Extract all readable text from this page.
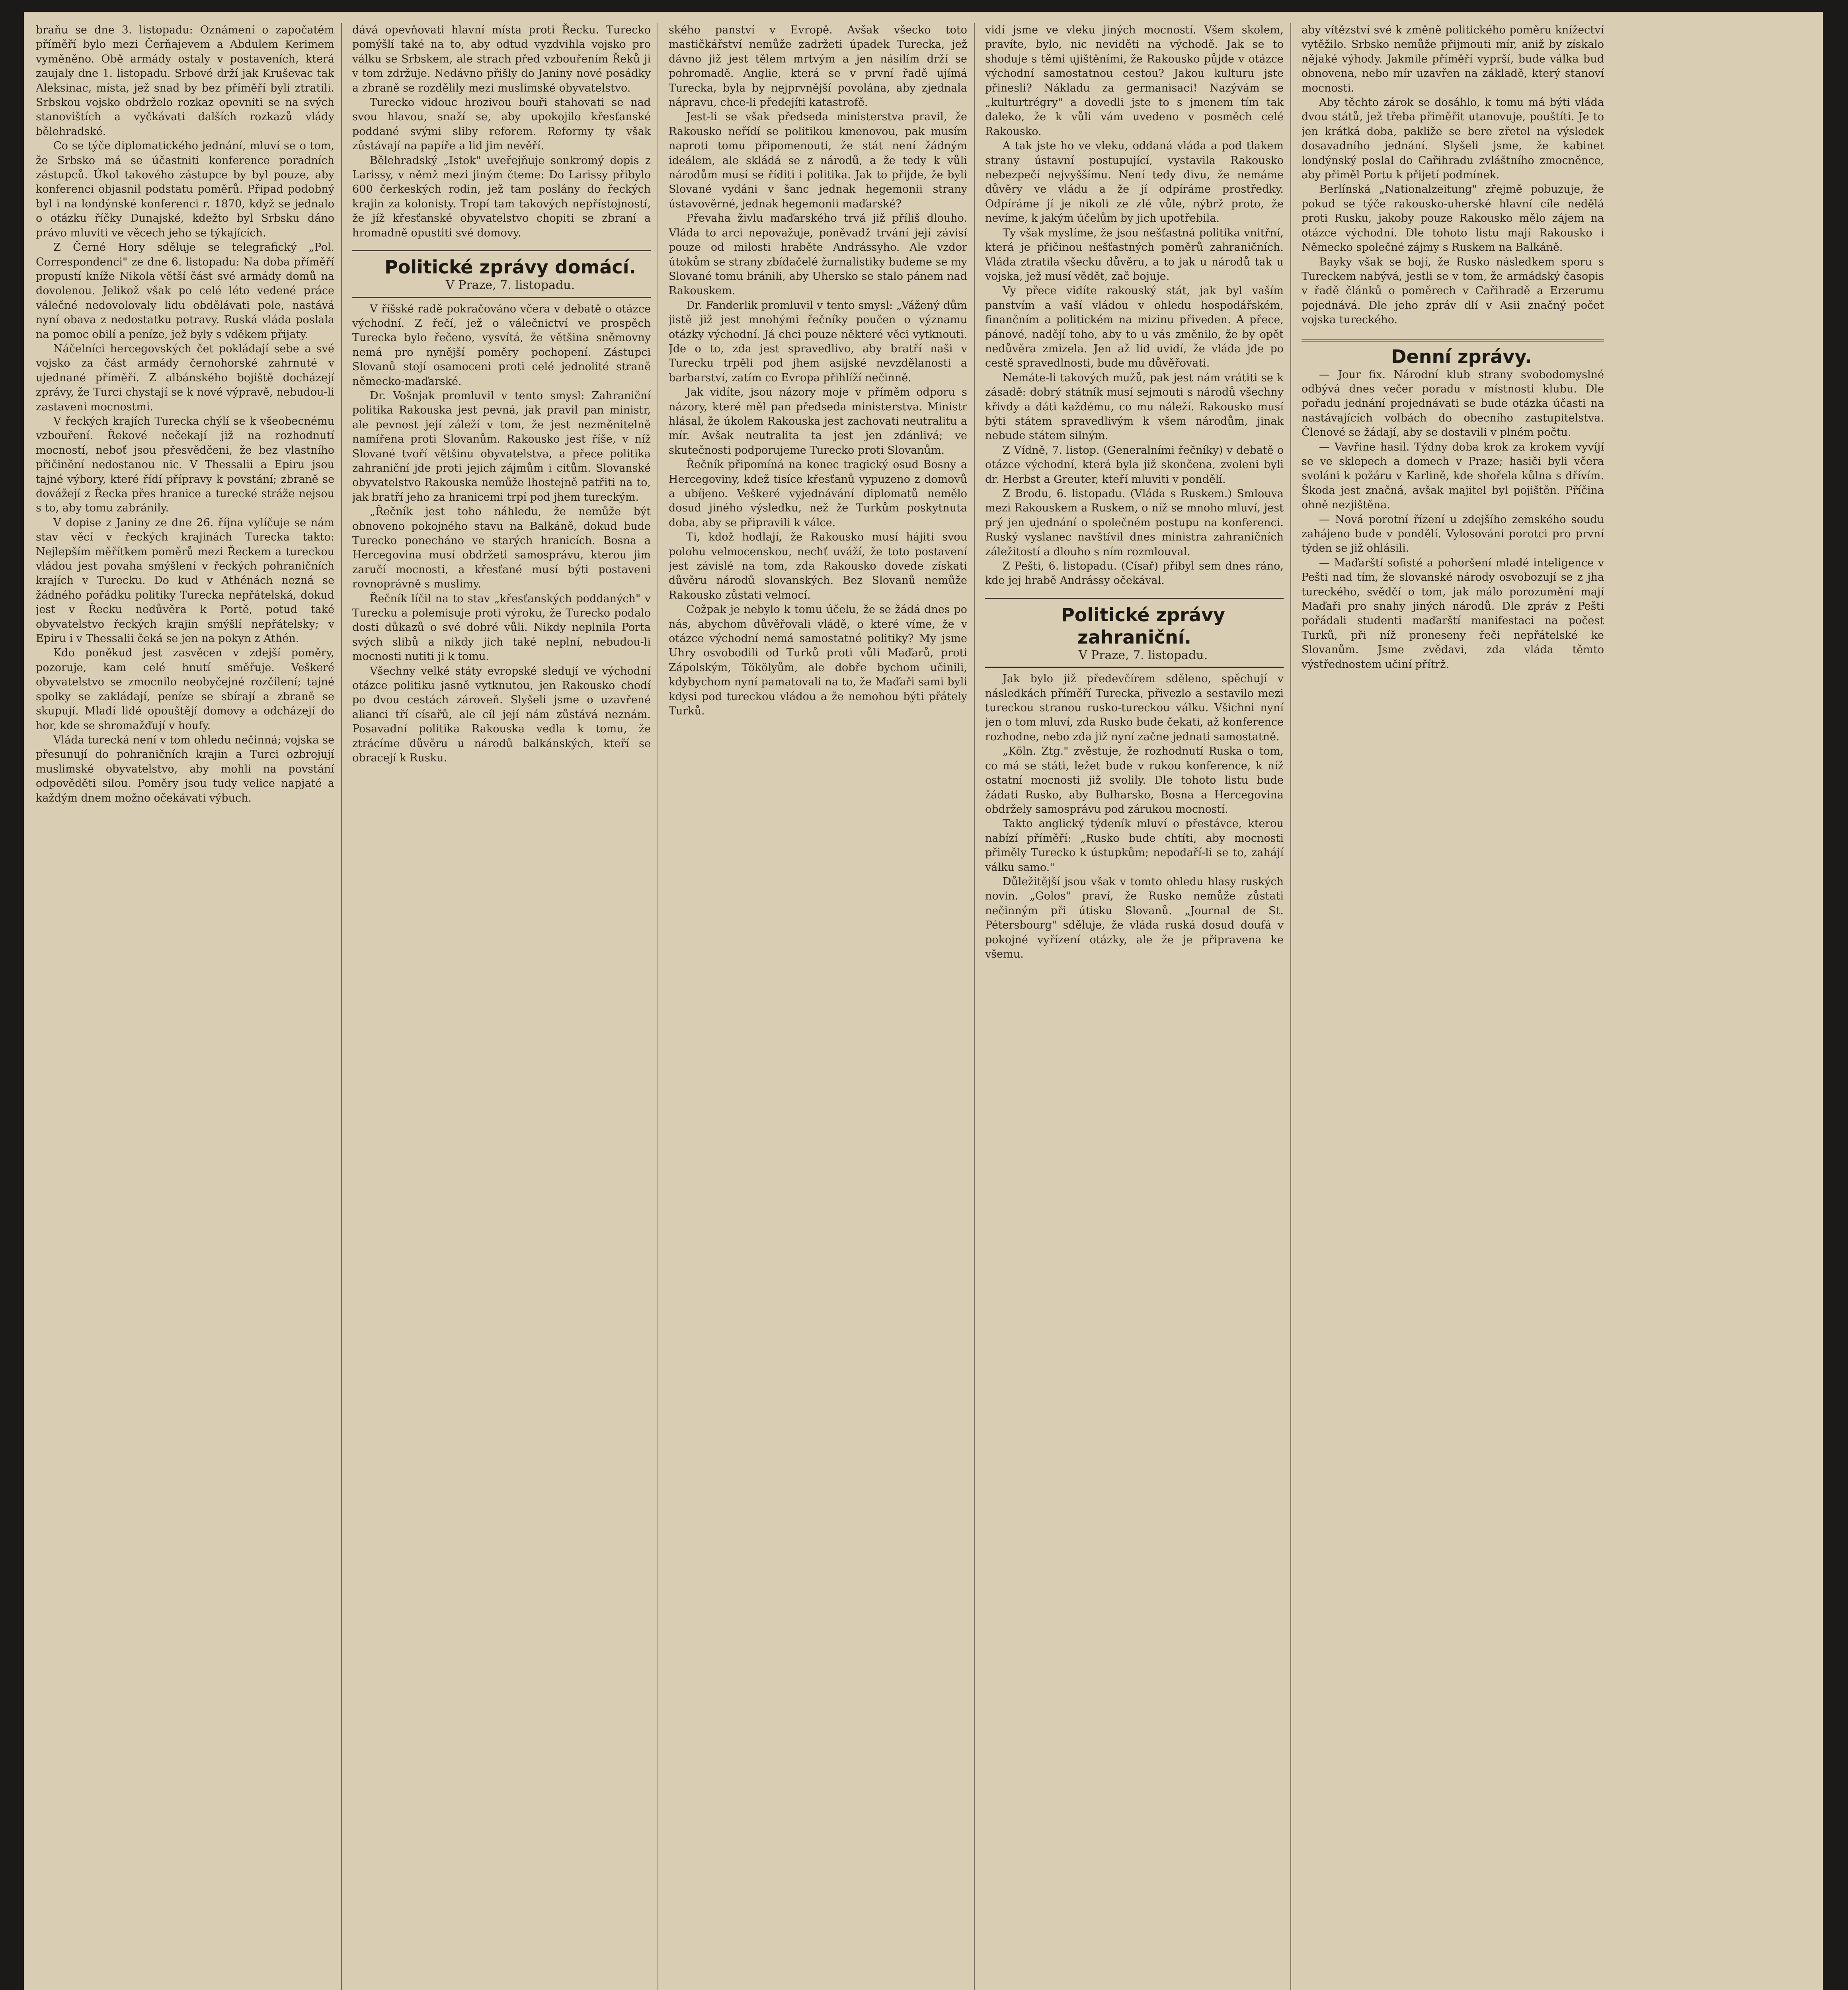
braňu se dne 3. listopadu: Oznámení o započatém příměří bylo mezi Čerňajevem a Abdulem Kerimem vyměněno. Obě armády ostaly v postaveních, která zaujaly dne 1. listopadu. Srbové drží jak Kruševac tak Aleksinac, místa, jež snad by bez příměří byli ztratili. Srbskou vojsko obdrželo rozkaz opevniti se na svých stanovištích a vyčkávati dalších rozkazů vlády bělehradské.

Co se týče diplomatického jednání, mluví se o tom, že Srbsko má se účastniti konference poradních zástupců. Úkol takového zástupce by byl pouze, aby konferenci objasnil podstatu poměrů. Připad podobný byl i na londýnské konferenci r. 1870, když se jednalo o otázku říčky Dunajské, kdežto byl Srbsku dáno právo mluviti ve věcech jeho se týkajících.

Z Černé Hory sděluje se telegrafický „Pol. Correspondenci" ze dne 6. listopadu: Na doba příměří propustí kníže Nikola větší část své armády domů na dovolenou. Jelikož však po celé léto vedené práce válečné nedovolovaly lidu obdělávati pole, nastává nyní obava z nedostatku potravy. Ruská vláda poslala na pomoc obilí a peníze, jež byly s vděkem přijaty.

Náčelníci hercegovských čet pokládají sebe a své vojsko za část armády černohorské zahrnuté v ujednané příměří. Z albánského bojiště docházejí zprávy, že Turci chystají se k nové výpravě, nebudou-li zastaveni mocnostmi.

V řeckých krajích Turecka chýlí se k všeobecnému vzbouření. Řekové nečekají již na rozhodnutí mocností, neboť jsou přesvědčeni, že bez vlastního přičinění nedostanou nic. V Thessalii a Epiru jsou tajné výbory, které řídí přípravy k povstání; zbraně se dovážejí z Řecka přes hranice a turecké stráže nejsou s to, aby tomu zabránily.

V dopise z Janiny ze dne 26. října vylíčuje se nám stav věcí v řeckých krajinách Turecka takto: Nejlepším měřítkem poměrů mezi Řeckem a tureckou vládou jest povaha smýšlení v řeckých pohraničních krajích v Turecku. Do kud v Athénách nezná se žádného pořádku politiky Turecka nepřátelská, dokud jest v Řecku nedůvěra k Portě, potud také obyvatelstvo řeckých krajin smýšlí nepřátelsky; v Epiru i v Thessalii čeká se jen na pokyn z Athén.

Kdo poněkud jest zasvěcen v zdejší poměry, pozoruje, kam celé hnutí směřuje. Veškeré obyvatelstvo se zmocnilo neobyčejné rozčilení; tajné spolky se zakládají, peníze se sbírají a zbraně se skupují. Mladí lidé opouštějí domovy a odcházejí do hor, kde se shromažďují v houfy.

Vláda turecká není v tom ohledu nečinná; vojska se přesunují do pohraničních krajin a Turci ozbrojují muslimské obyvatelstvo, aby mohli na povstání odpověděti silou. Poměry jsou tudy velice napjaté a každým dnem možno očekávati výbuch.

dává opevňovati hlavní místa proti Řecku. Turecko pomýšlí také na to, aby odtud vyzdvihla vojsko pro válku se Srbskem, ale strach před vzbouřením Řeků ji v tom zdržuje. Nedávno přišly do Janiny nové posádky a zbraně se rozdělily mezi muslimské obyvatelstvo.

Turecko vidouc hrozivou bouři stahovati se nad svou hlavou, snaží se, aby upokojilo křesťanské poddané svými sliby reforem. Reformy ty však zůstávají na papíře a lid jim nevěří.

Bělehradský „Istok" uveřejňuje sonkromý dopis z Larissy, v němž mezi jiným čteme: Do Larissy přibylo 600 čerkeských rodin, jež tam poslány do řeckých krajin za kolonisty. Tropí tam takových nepřístojností, že jíž křesťanské obyvatelstvo chopiti se zbraní a hromadně opustiti své domovy.

Politické zprávy domácí.

V Praze, 7. listopadu.

V říšské radě pokračováno včera v debatě o otázce východní. Z řečí, jež o válečnictví ve prospěch Turecka bylo řečeno, vysvítá, že většina sněmovny nemá pro nynější poměry pochopení. Zástupci Slovanů stojí osamoceni proti celé jednolité straně německo-maďarské.

Dr. Vošnjak promluvil v tento smysl: Zahraniční politika Rakouska jest pevná, jak pravil pan ministr, ale pevnost její záleží v tom, že jest nezměnitelně namířena proti Slovanům. Rakousko jest říše, v níž Slované tvoří většinu obyvatelstva, a přece politika zahraniční jde proti jejich zájmům i citům. Slovanské obyvatelstvo Rakouska nemůže lhostejně patřiti na to, jak bratří jeho za hranicemi trpí pod jhem tureckým.

„Řečník jest toho náhledu, že nemůže být obnoveno pokojného stavu na Balkáně, dokud bude Turecko ponecháno ve starých hranicích. Bosna a Hercegovina musí obdržeti samosprávu, kterou jim zaručí mocnosti, a křesťané musí býti postaveni rovnoprávně s muslimy.

Řečník líčil na to stav „křesťanských poddaných" v Turecku a polemisuje proti výroku, že Turecko podalo dosti důkazů o své dobré vůli. Nikdy neplnila Porta svých slibů a nikdy jich také neplní, nebudou-li mocnosti nutiti ji k tomu.

Všechny velké státy evropské sledují ve východní otázce politiku jasně vytknutou, jen Rakousko chodí po dvou cestách zároveň. Slyšeli jsme o uzavřené alianci tří císařů, ale cíl její nám zůstává neznám. Posavadní politika Rakouska vedla k tomu, že ztrácíme důvěru u národů balkánských, kteří se obracejí k Rusku.

ského panství v Evropě. Avšak všecko toto mastičkářství nemůže zadržeti úpadek Turecka, jež dávno již jest tělem mrtvým a jen násilím drží se pohromadě. Anglie, která se v první řadě ujímá Turecka, byla by nejprvnější povolána, aby zjednala nápravu, chce-li předejíti katastrofě.

Jest-li se však předseda ministerstva pravil, že Rakousko neřídí se politikou kmenovou, pak musím naproti tomu připomenouti, že stát není žádným ideálem, ale skládá se z národů, a že tedy k vůli národům musí se říditi i politika. Jak to přijde, že byli Slované vydáni v šanc jednak hegemonii strany ústavověrné, jednak hegemonii maďarské?

Převaha živlu maďarského trvá již příliš dlouho. Vláda to arci nepovažuje, poněvadž trvání její závisí pouze od milosti hraběte Andrássyho. Ale vzdor útokům se strany zbídačelé žurnalistiky budeme se my Slované tomu bránili, aby Uhersko se stalo pánem nad Rakouskem.

Dr. Fanderlik promluvil v tento smysl: „Vážený dům jistě již jest mnohými řečníky poučen o významu otázky východní. Já chci pouze některé věci vytknouti. Jde o to, zda jest spravedlivo, aby bratří naši v Turecku trpěli pod jhem asijské nevzdělanosti a barbarství, zatím co Evropa přihlíží nečinně.

Jak vidíte, jsou názory moje v příměm odporu s názory, které měl pan předseda ministerstva. Ministr hlásal, že úkolem Rakouska jest zachovati neutralitu a mír. Avšak neutralita ta jest jen zdánlivá; ve skutečnosti podporujeme Turecko proti Slovanům.

Řečník připomíná na konec tragický osud Bosny a Hercegoviny, kdež tisíce křesťanů vypuzeno z domovů a ubíjeno. Veškeré vyjednávání diplomatů nemělo dosud jiného výsledku, než že Turkům poskytnuta doba, aby se připravili k válce.

Ti, kdož hodlají, že Rakousko musí hájiti svou polohu velmocenskou, nechť uváží, že toto postavení jest závislé na tom, zda Rakousko dovede získati důvěru národů slovanských. Bez Slovanů nemůže Rakousko zůstati velmocí.

Cožpak je nebylo k tomu účelu, že se žádá dnes po nás, abychom důvěřovali vládě, o které víme, že v otázce východní nemá samostatné politiky? My jsme Uhry osvobodili od Turků proti vůli Maďarů, proti Zápolským, Tökölyům, ale dobře bychom učinili, kdybychom nyní pamatovali na to, že Maďaři sami byli kdysi pod tureckou vládou a že nemohou býti přátely Turků.

vidí jsme ve vleku jiných mocností. Všem skolem, pravíte, bylo, nic neviděti na východě. Jak se to shoduje s těmi ujištěními, že Rakousko půjde v otázce východní samostatnou cestou? Jakou kulturu jste přinesli? Nákladu za germanisaci! Nazývám se „kulturtrégry" a dovedli jste to s jmenem tím tak daleko, že k vůli vám uvedeno v posměch celé Rakousko.

A tak jste ho ve vleku, oddaná vláda a pod tlakem strany ústavní postupující, vystavila Rakousko nebezpečí nejvyššímu. Není tedy divu, že nemáme důvěry ve vládu a že jí odpíráme prostředky. Odpíráme jí je nikoli ze zlé vůle, nýbrž proto, že nevíme, k jakým účelům by jich upotřebila.

Ty však myslíme, že jsou nešťastná politika vnitřní, která je přičinou nešťastných poměrů zahraničních. Vláda ztratila všecku důvěru, a to jak u národů tak u vojska, jež musí vědět, zač bojuje.

Vy přece vidíte rakouský stát, jak byl vaším panstvím a vaší vládou v ohledu hospodářském, finančním a politickém na mizinu přiveden. A přece, pánové, nadějí toho, aby to u vás změnilo, že by opět nedůvěra zmizela. Jen až lid uvidí, že vláda jde po cestě spravedlnosti, bude mu důvěřovati.

Nemáte-li takových mužů, pak jest nám vrátiti se k zásadě: dobrý státník musí sejmouti s národů všechny křivdy a dáti každému, co mu náleží. Rakousko musí býti státem spravedlivým k všem národům, jinak nebude státem silným.

Z Vídně, 7. listop. (Generalními řečníky) v debatě o otázce východní, která byla již skončena, zvoleni byli dr. Herbst a Greuter, kteří mluviti v pondělí.

Z Brodu, 6. listopadu. (Vláda s Ruskem.) Smlouva mezi Rakouskem a Ruskem, o níž se mnoho mluví, jest prý jen ujednání o společném postupu na konferenci. Ruský vyslanec navštívil dnes ministra zahraničních záležitostí a dlouho s ním rozmlouval.

Z Pešti, 6. listopadu. (Císař) přibyl sem dnes ráno, kde jej hrabě Andrássy očekával.

Politické zprávy zahraniční.

V Praze, 7. listopadu.

Jak bylo již předevčírem sděleno, spěchují v následkách příměří Turecka, přivezlo a sestavilo mezi tureckou stranou rusko-tureckou válku. Všichni nyní jen o tom mluví, zda Rusko bude čekati, až konference rozhodne, nebo zda již nyní začne jednati samostatně.

„Köln. Ztg." zvěstuje, že rozhodnutí Ruska o tom, co má se státi, ležet bude v rukou konference, k níž ostatní mocnosti již svolily. Dle tohoto listu bude žádati Rusko, aby Bulharsko, Bosna a Hercegovina obdržely samosprávu pod zárukou mocností.

Takto anglický týdeník mluví o přestávce, kterou nabízí příměří: „Rusko bude chtíti, aby mocnosti přiměly Turecko k ústupkům; nepodaří-li se to, zahájí válku samo."

Důležitější jsou však v tomto ohledu hlasy ruských novin. „Golos" praví, že Rusko nemůže zůstati nečinným při útisku Slovanů. „Journal de St. Pétersbourg" sděluje, že vláda ruská dosud doufá v pokojné vyřízení otázky, ale že je připravena ke všemu.

aby vítězství své k změně politického poměru knížectví vytěžilo. Srbsko nemůže přijmouti mír, aniž by získalo nějaké výhody. Jakmile příměří vyprší, bude válka buď obnovena, nebo mír uzavřen na základě, který stanoví mocnosti.

Aby těchto zárok se dosáhlo, k tomu má býti vláda dvou států, jež třeba přiměřit utanovuje, pouštíti. Je to jen krátká doba, pakliže se bere zřetel na výsledek dosavadního jednání. Slyšeli jsme, že kabinet londýnský poslal do Cařihradu zvláštního zmocněnce, aby přiměl Portu k přijetí podmínek.

Berlínská „Nationalzeitung" zřejmě pobuzuje, že pokud se týče rakousko-uherské hlavní cíle nedělá proti Rusku, jakoby pouze Rakousko mělo zájem na otázce východní. Dle tohoto listu mají Rakousko i Německo společné zájmy s Ruskem na Balkáně.

Bayky však se bojí, že Rusko následkem sporu s Tureckem nabývá, jestli se v tom, že armádský časopis v řadě článků o poměrech v Cařihradě a Erzerumu pojednává. Dle jeho zpráv dlí v Asii značný počet vojska tureckého.

Denní zprávy.

— Jour fix. Národní klub strany svobodomyslné odbývá dnes večer poradu v místnosti klubu. Dle pořadu jednání projednávati se bude otázka účasti na nastávajících volbách do obecního zastupitelstva. Členové se žádají, aby se dostavili v plném počtu.

— Vavřine hasil. Týdny doba krok za krokem vyvíjí se ve sklepech a domech v Praze; hasiči byli včera svoláni k požáru v Karlině, kde shořela kůlna s dřívím. Škoda jest značná, avšak majitel byl pojištěn. Příčina ohně nezjištěna.

— Nová porotní řízení u zdejšího zemského soudu zahájeno bude v pondělí. Vylosováni porotci pro první týden se již ohlásili.

— Maďarští sofisté a pohoršení mladé inteligence v Pešti nad tím, že slovanské národy osvobozují se z jha tureckého, svědčí o tom, jak málo porozumění mají Maďaři pro snahy jiných národů. Dle zpráv z Pešti pořádali studenti maďarští manifestaci na počest Turků, při níž proneseny řeči nepřátelské ke Slovanům. Jsme zvědavi, zda vláda těmto výstřednostem učiní přítrž.
